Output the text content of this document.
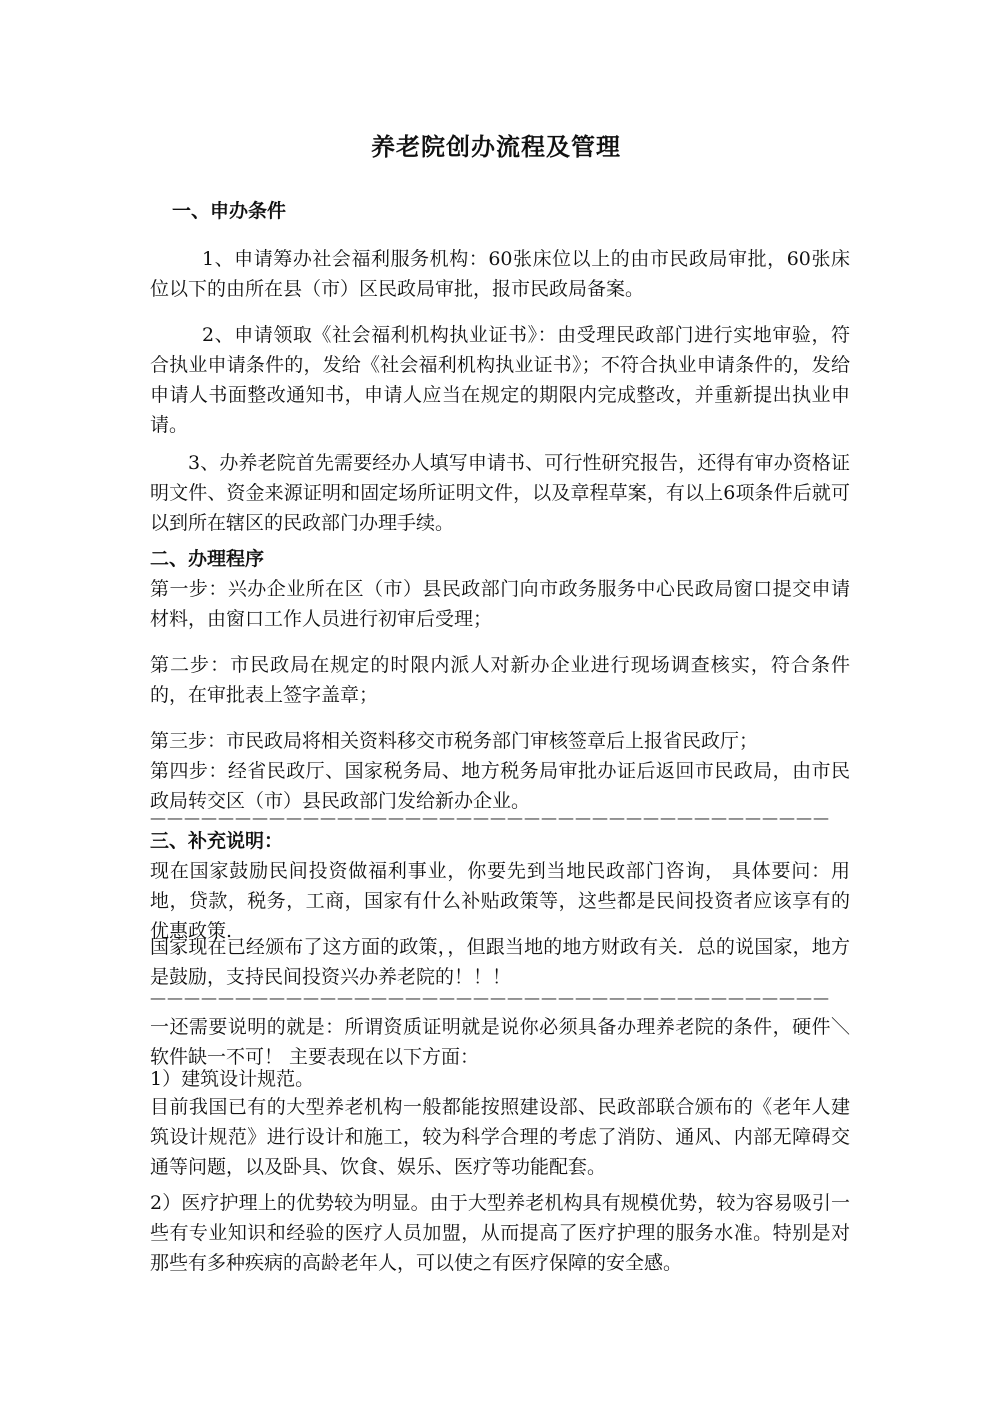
养老院创办流程及管理
一、申办条件

1、申请筹办社会福利服务机构：60张床位以上的由市民政局审批，60张床位以下的由所在县（市）区民政局审批，报市民政局备案。

2、申请领取《社会福利机构执业证书》：由受理民政部门进行实地审验，符合执业申请条件的，发给《社会福利机构执业证书》；不符合执业申请条件的，发给申请人书面整改通知书，申请人应当在规定的期限内完成整改，并重新提出执业申请。

3、办养老院首先需要经办人填写申请书、可行性研究报告，还得有审办资格证明文件、资金来源证明和固定场所证明文件，以及章程草案，有以上6项条件后就可以到所在辖区的民政部门办理手续。

二、办理程序

第一步：兴办企业所在区（市）县民政部门向市政务服务中心民政局窗口提交申请材料，由窗口工作人员进行初审后受理；

第二步：市民政局在规定的时限内派人对新办企业进行现场调查核实，符合条件的，在审批表上签字盖章；

第三步：市民政局将相关资料移交市税务部门审核签章后上报省民政厅；

第四步：经省民政厅、国家税务局、地方税务局审批办证后返回市民政局，由市民政局转交区（市）县民政部门发给新办企业。

————————————————————————————————————————
三、补充说明：

现在国家鼓励民间投资做福利事业，你要先到当地民政部门咨询， 具体要问：用地，贷款，税务，工商，国家有什么补贴政策等，这些都是民间投资者应该享有的优惠政策.

国家现在已经颁布了这方面的政策，，但跟当地的地方财政有关．总的说国家，地方是鼓励，支持民间投资兴办养老院的！！！

————————————————————————————————————————

一还需要说明的就是：所谓资质证明就是说你必须具备办理养老院的条件，硬件＼软件缺一不可！ 主要表现在以下方面：

1）建筑设计规范。

目前我国已有的大型养老机构一般都能按照建设部、民政部联合颁布的《老年人建筑设计规范》进行设计和施工，较为科学合理的考虑了消防、通风、内部无障碍交通等问题，以及卧具、饮食、娱乐、医疗等功能配套。

2）医疗护理上的优势较为明显。由于大型养老机构具有规模优势，较为容易吸引一些有专业知识和经验的医疗人员加盟，从而提高了医疗护理的服务水准。特别是对那些有多种疾病的高龄老年人，可以使之有医疗保障的安全感。
